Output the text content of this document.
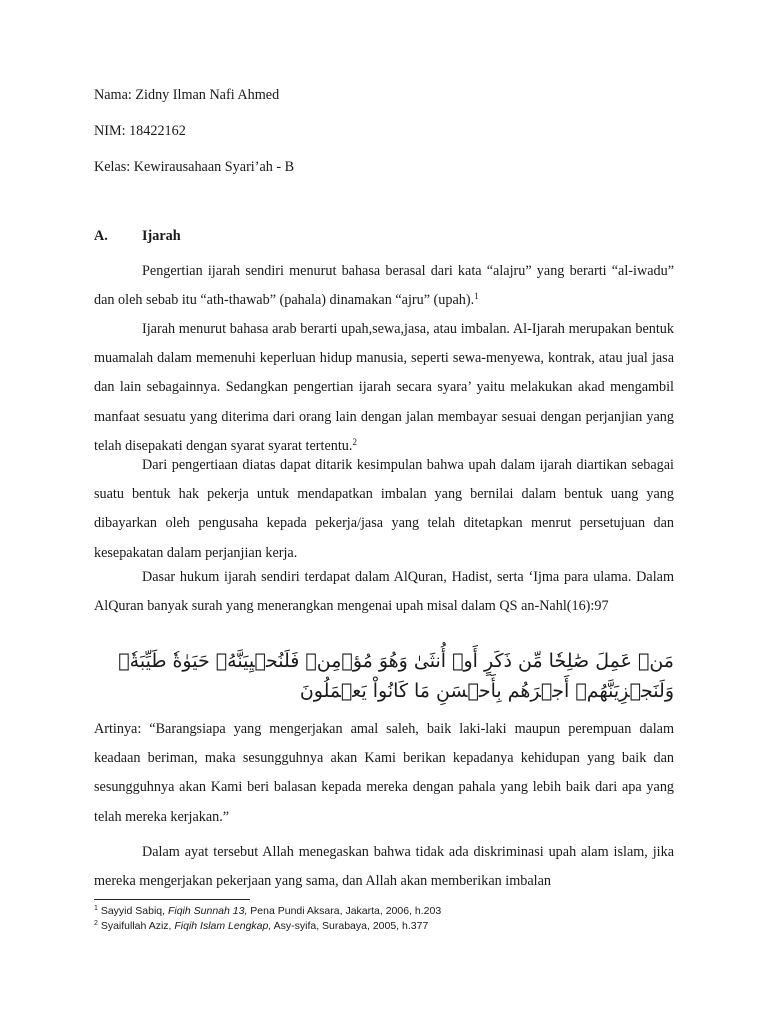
Nama: Zidny Ilman Nafi Ahmed

NIM: 18422162

Kelas: Kewirausahaan Syari’ah - B

A. Ijarah

Pengertian ijarah sendiri menurut bahasa berasal dari kata “alajru” yang berarti “al-iwadu” dan oleh sebab itu “ath-thawab” (pahala) dinamakan “ajru” (upah).$^1$

Ijarah menurut bahasa arab berarti upah,sewa,jasa, atau imbalan. Al-Ijarah merupakan bentuk muamalah dalam memenuhi keperluan hidup manusia, seperti sewa-menyewa, kontrak, atau jual jasa dan lain sebagainnya. Sedangkan pengertian ijarah secara syara’ yaitu melakukan akad mengambil manfaat sesuatu yang diterima dari orang lain dengan jalan membayar sesuai dengan perjanjian yang telah disepakati dengan syarat syarat tertentu.$^2$

Dari pengertiaan diatas dapat ditarik kesimpulan bahwa upah dalam ijarah diartikan sebagai suatu bentuk hak pekerja untuk mendapatkan imbalan yang bernilai dalam bentuk uang yang dibayarkan oleh pengusaha kepada pekerja/jasa yang telah ditetapkan menrut persetujuan dan kesepakatan dalam perjanjian kerja.

Dasar hukum ijarah sendiri terdapat dalam AlQuran, Hadist, serta ‘Ijma para ulama. Dalam AlQuran banyak surah yang menerangkan mengenai upah misal dalam QS an-Nahl(16):97

مَنۡ عَمِلَ صَٰلِحٗا مِّن ذَكَرٍ أَوۡ أُنثَىٰ وَهُوَ مُؤۡمِنٞ فَلَنُحۡيِيَنَّهُۥ حَيَوٰةٗ طَيِّبَةٗۖ وَلَنَجۡزِيَنَّهُمۡ أَجۡرَهُم بِأَحۡسَنِ مَا كَانُواْ يَعۡمَلُونَ

Artinya: “Barangsiapa yang mengerjakan amal saleh, baik laki-laki maupun perempuan dalam keadaan beriman, maka sesungguhnya akan Kami berikan kepadanya kehidupan yang baik dan sesungguhnya akan Kami beri balasan kepada mereka dengan pahala yang lebih baik dari apa yang telah mereka kerjakan.”

Dalam ayat tersebut Allah menegaskan bahwa tidak ada diskriminasi upah alam islam, jika mereka mengerjakan pekerjaan yang sama, dan Allah akan memberikan imbalan

$^1$ Sayyid Sabiq, Fiqih Sunnah 13, Pena Pundi Aksara, Jakarta, 2006, h.203
$^2$ Syaifullah Aziz, Fiqih Islam Lengkap, Asy-syifa, Surabaya, 2005, h.377
